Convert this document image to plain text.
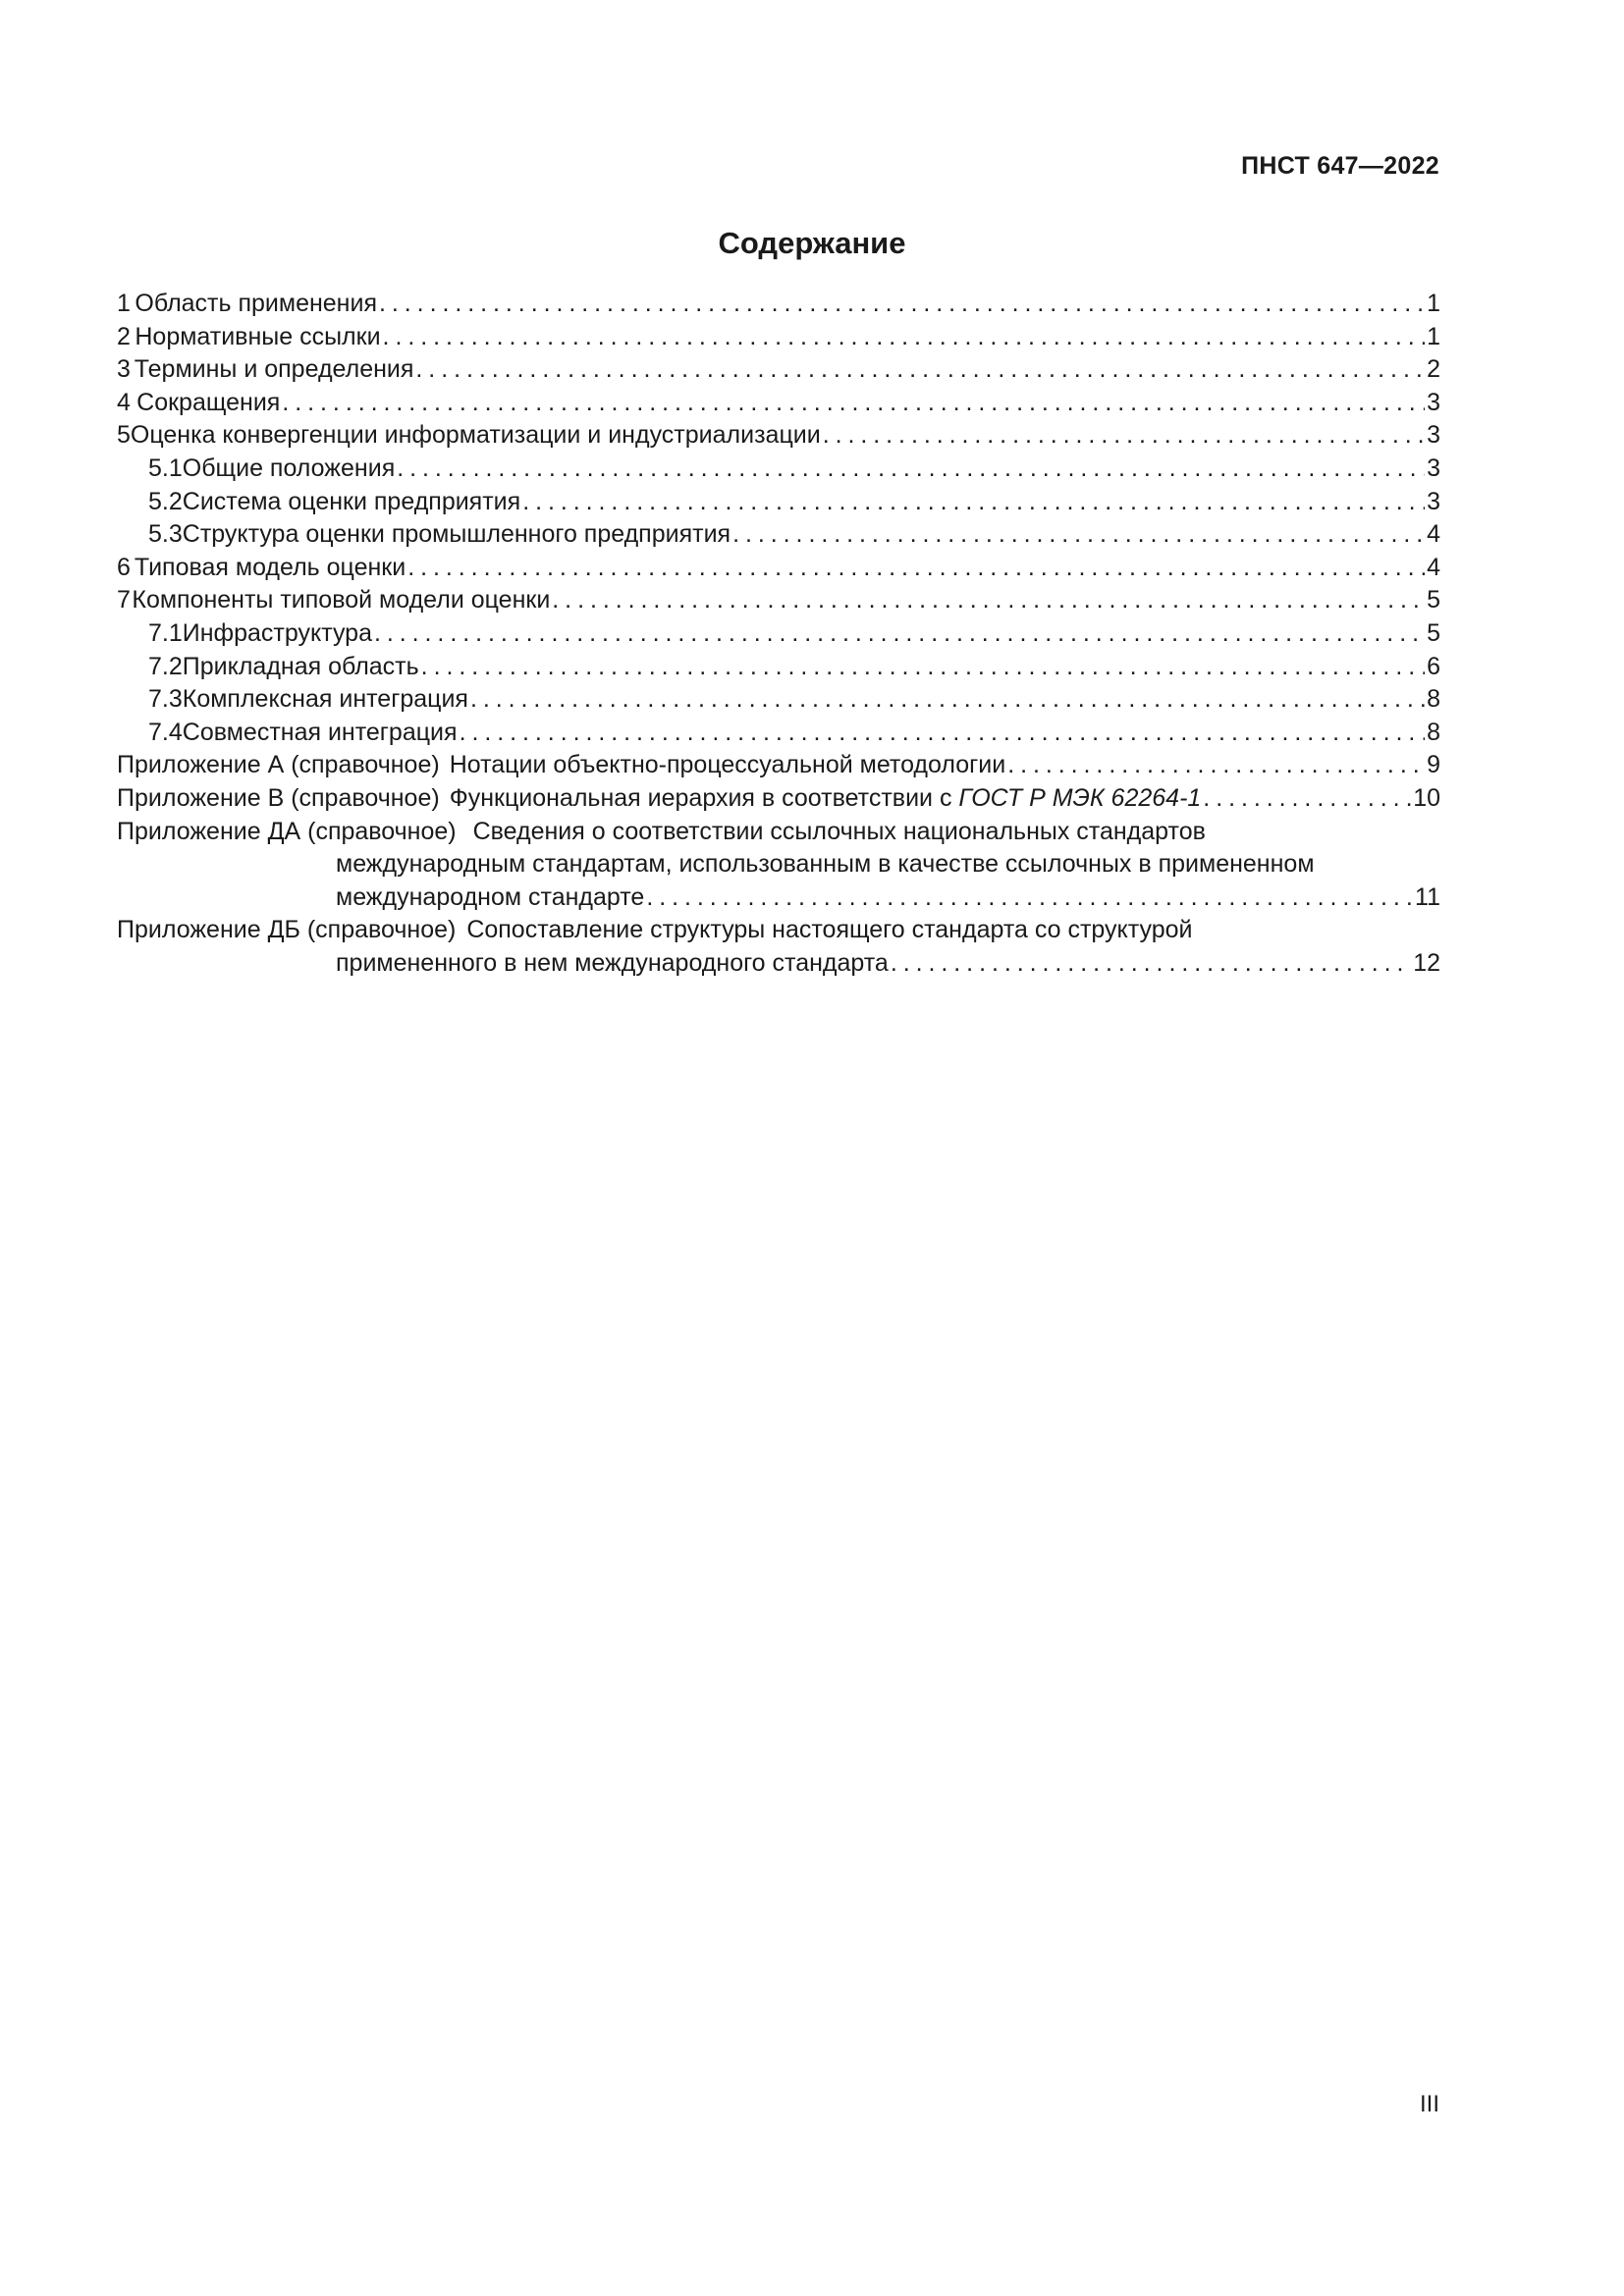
ПНСТ 647—2022
Содержание
1 Область применения . . .	1
2 Нормативные ссылки . . .	1
3 Термины и определения . . .	2
4 Сокращения . . .	3
5 Оценка конвергенции информатизации и индустриализации . . .	3
5.1 Общие положения . . .	3
5.2 Система оценки предприятия . . .	3
5.3 Структура оценки промышленного предприятия . . .	4
6 Типовая модель оценки . . .	4
7 Компоненты типовой модели оценки . . .	5
7.1 Инфраструктура . . .	5
7.2 Прикладная область . . .	6
7.3 Комплексная интеграция . . .	8
7.4 Совместная интеграция . . .	8
Приложение А (справочное) Нотации объектно-процессуальной методологии . . .	9
Приложение В (справочное) Функциональная иерархия в соответствии с
ГОСТ Р МЭК 62264-1 . . .	10
Приложение ДА (справочное) Сведения о соответствии ссылочных национальных стандартов
международным стандартам, использованным в качестве ссылочных в примененном
международном стандарте . . .	11
Приложение ДБ (справочное) Сопоставление структуры настоящего стандарта со структурой
примененного в нем международного стандарта . . .	12
III
